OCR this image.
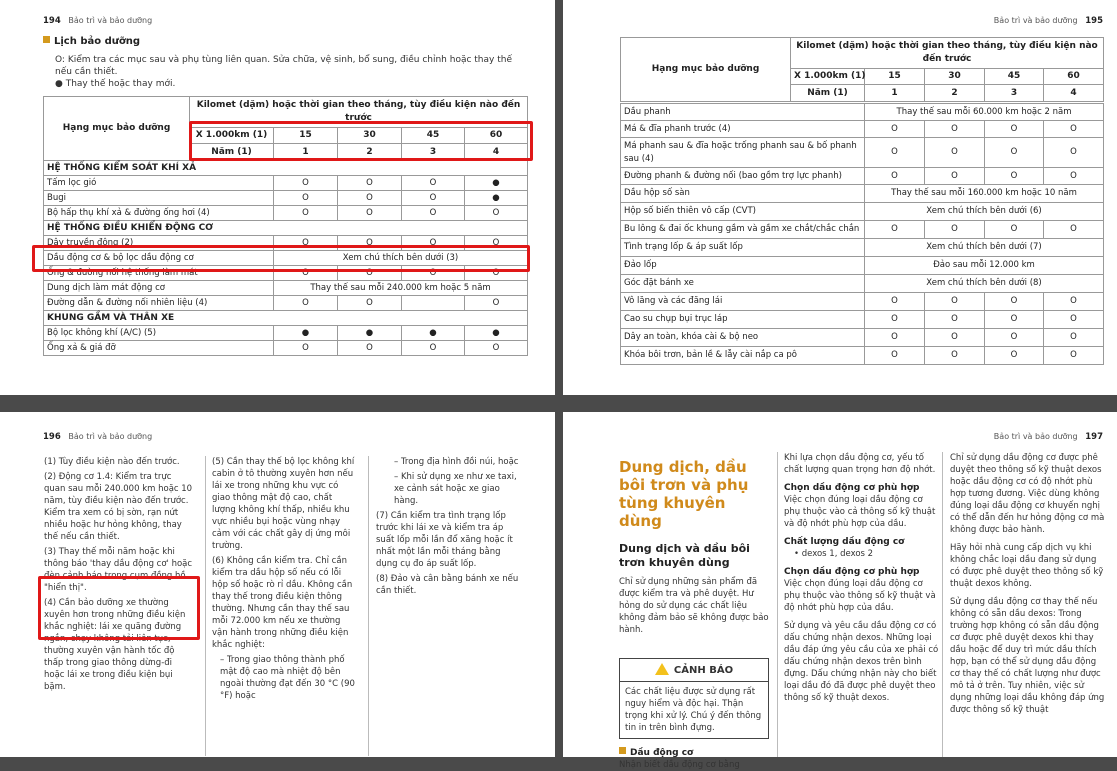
194 Bảo trì và bảo dưỡng
Lịch bảo dưỡng
O: Kiểm tra các mục sau và phụ tùng liên quan. Sửa chữa, vệ sinh, bổ sung, điều chỉnh hoặc thay thế
nếu cần thiết.
● Thay thế hoặc thay mới.
Hạng mục bảo dưỡng	Kilomet (dặm) hoặc thời gian theo tháng, tùy điều kiện nào đến trước				
	X 1.000km (1)	15	30	45	60
	Năm (1)	1	2	3	4
HỆ THỐNG KIỂM SOÁT KHÍ XẢ					
Tấm lọc gió		O	O	O	●
Bugi		O	O	O	●
Bộ hấp thụ khí xả & đường ống hơi (4)		O	O	O	O
HỆ THỐNG ĐIỀU KHIỂN ĐỘNG CƠ					
Dây truyền động (2)		O	O	O	O
Dầu động cơ & bộ lọc dầu động cơ		Xem chú thích bên dưới (3)			
Ống & đường nối hệ thống làm mát		O	O	O	O
Dung dịch làm mát động cơ		Thay thế sau mỗi 240.000 km hoặc 5 năm			
Đường dẫn & đường nối nhiên liệu (4)		O	O		O
KHUNG GẦM VÀ THÂN XE					
Bộ lọc không khí (A/C) (5)		●	●	●	●
Ống xả & giá đỡ		O	O	O	O
Bảo trì và bảo dưỡng 195
Hạng mục bảo dưỡng	Kilomet (dặm) hoặc thời gian theo tháng, tùy điều kiện nào đến trước				
	X 1.000km (1)	15	30	45	60
	Năm (1)	1	2	3	4
Dầu phanh	Thay thế sau mỗi 60.000 km hoặc 2 năm			
Má & đĩa phanh trước (4)	O	O	O	O
Má phanh sau & đĩa hoặc trống phanh sau & bố phanh sau (4)	O	O	O	O
Đường phanh & đường nối (bao gồm trợ lực phanh)	O	O	O	O
Dầu hộp số sàn	Thay thế sau mỗi 160.000 km hoặc 10 năm			
Hộp số biến thiên vô cấp (CVT)	Xem chú thích bên dưới (6)			
Bu lông & đai ốc khung gầm và gầm xe chắt/chắc chắn	O	O	O	O
Tình trạng lốp & áp suất lốp	Xem chú thích bên dưới (7)			
Đảo lốp	Đảo sau mỗi 12.000 km			
Góc đặt bánh xe	Xem chú thích bên dưới (8)			
Vô lăng và các đăng lái	O	O	O	O
Cao su chụp bụi trục láp	O	O	O	O
Dây an toàn, khóa cài & bộ neo	O	O	O	O
Khóa bôi trơn, bản lề & lẫy cài nắp ca pô	O	O	O	O
196 Bảo trì và bảo dưỡng
(1) Tùy điều kiện nào đến trước.
(2) Động cơ 1.4: Kiểm tra trực quan sau mỗi 240.000 km hoặc 10 năm, tùy điều kiện nào đến trước. Kiểm tra xem có bị sờn, rạn nứt nhiều hoặc hư hỏng không, thay thế nếu cần thiết.
(3) Thay thế mỗi năm hoặc khi thông báo 'thay dầu động cơ' hoặc đèn cảnh báo trong cụm đồng hồ "hiển thị".
(4) Cần bảo dưỡng xe thường xuyên hơn trong những điều kiện khắc nghiệt: lái xe quãng đường ngắn, chạy không tải liên tục, thường xuyên vận hành tốc độ thấp trong giao thông dừng-đi hoặc lái xe trong điều kiện bụi bặm.
(5) Cần thay thế bộ lọc không khí cabin ở tô thường xuyên hơn nếu lái xe trong những khu vực có giao thông mật độ cao, chất lượng không khí thấp, nhiều khu vực nhiều bụi hoặc vùng nhạy cảm với các chất gây dị ứng môi trường.
(6) Không cần kiểm tra. Chỉ cần kiểm tra dầu hộp số nếu có lỗi hộp số hoặc rò rỉ dầu. Không cần thay thế trong điều kiện thông thường. Nhưng cần thay thế sau mỗi 72.000 km nếu xe thường vận hành trong những điều kiện khắc nghiệt:
– Trong giao thông thành phố mật độ cao mà nhiệt độ bên ngoài thường đạt đến 30 °C (90 °F) hoặc
– Trong địa hình đồi núi, hoặc
– Khi sử dụng xe như xe taxi, xe cảnh sát hoặc xe giao hàng.
(7) Cần kiểm tra tình trạng lốp trước khi lái xe và kiểm tra áp suất lốp mỗi lần đổ xăng hoặc ít nhất một lần mỗi tháng bằng dụng cụ đo áp suất lốp.
(8) Đảo và cân bằng bánh xe nếu cần thiết.
Bảo trì và bảo dưỡng 197
Dung dịch, dầu bôi trơn và phụ tùng khuyên dùng
Dung dịch và dầu bôi trơn khuyên dùng
Chỉ sử dụng những sản phẩm đã được kiểm tra và phê duyệt. Hư hỏng do sử dụng các chất liệu không đảm bảo sẽ không được bảo hành.
CẢNH BÁO
Các chất liệu được sử dụng rất nguy hiểm và độc hại. Thận trọng khi xử lý. Chú ý đến thông tin in trên bình đựng.
Dầu động cơ
Nhận biết dầu động cơ bằng
Khi lựa chọn dầu động cơ, yếu tố chất lượng quan trọng hơn độ nhớt.
Chọn dầu động cơ phù hợp
Việc chọn đúng loại dầu động cơ phụ thuộc vào cả thông số kỹ thuật và độ nhớt phù hợp của dầu.
Chất lượng dầu động cơ
• dexos 1, dexos 2
Chọn dầu động cơ phù hợp
Việc chọn đúng loại dầu động cơ phụ thuộc vào thông số kỹ thuật và độ nhớt phù hợp của dầu.
Sử dụng và yêu cầu dầu động cơ có dấu chứng nhận dexos. Những loại dầu đáp ứng yêu cầu của xe phải có dấu chứng nhận dexos trên bình đựng. Dấu chứng nhận này cho biết loại dầu đó đã được phê duyệt theo thông số kỹ thuật dexos.
Chỉ sử dụng dầu động cơ được phê duyệt theo thông số kỹ thuật dexos hoặc dầu động cơ có độ nhớt phù hợp tương đương. Việc dùng không đúng loại dầu động cơ khuyến nghị có thể dẫn đến hư hỏng động cơ mà không được bảo hành.
Hãy hỏi nhà cung cấp dịch vụ khi không chắc loại dầu đang sử dụng có được phê duyệt theo thông số kỹ thuật dexos không.
Sử dụng dầu động cơ thay thế nếu không có sẵn dầu dexos: Trong trường hợp không có sẵn dầu động cơ được phê duyệt dexos khi thay dầu hoặc để duy trì mức dầu thích hợp, bạn có thể sử dụng dầu động cơ thay thế có chất lượng như được mô tả ở trên. Tuy nhiên, việc sử dụng những loại dầu không đáp ứng được thông số kỹ thuật
